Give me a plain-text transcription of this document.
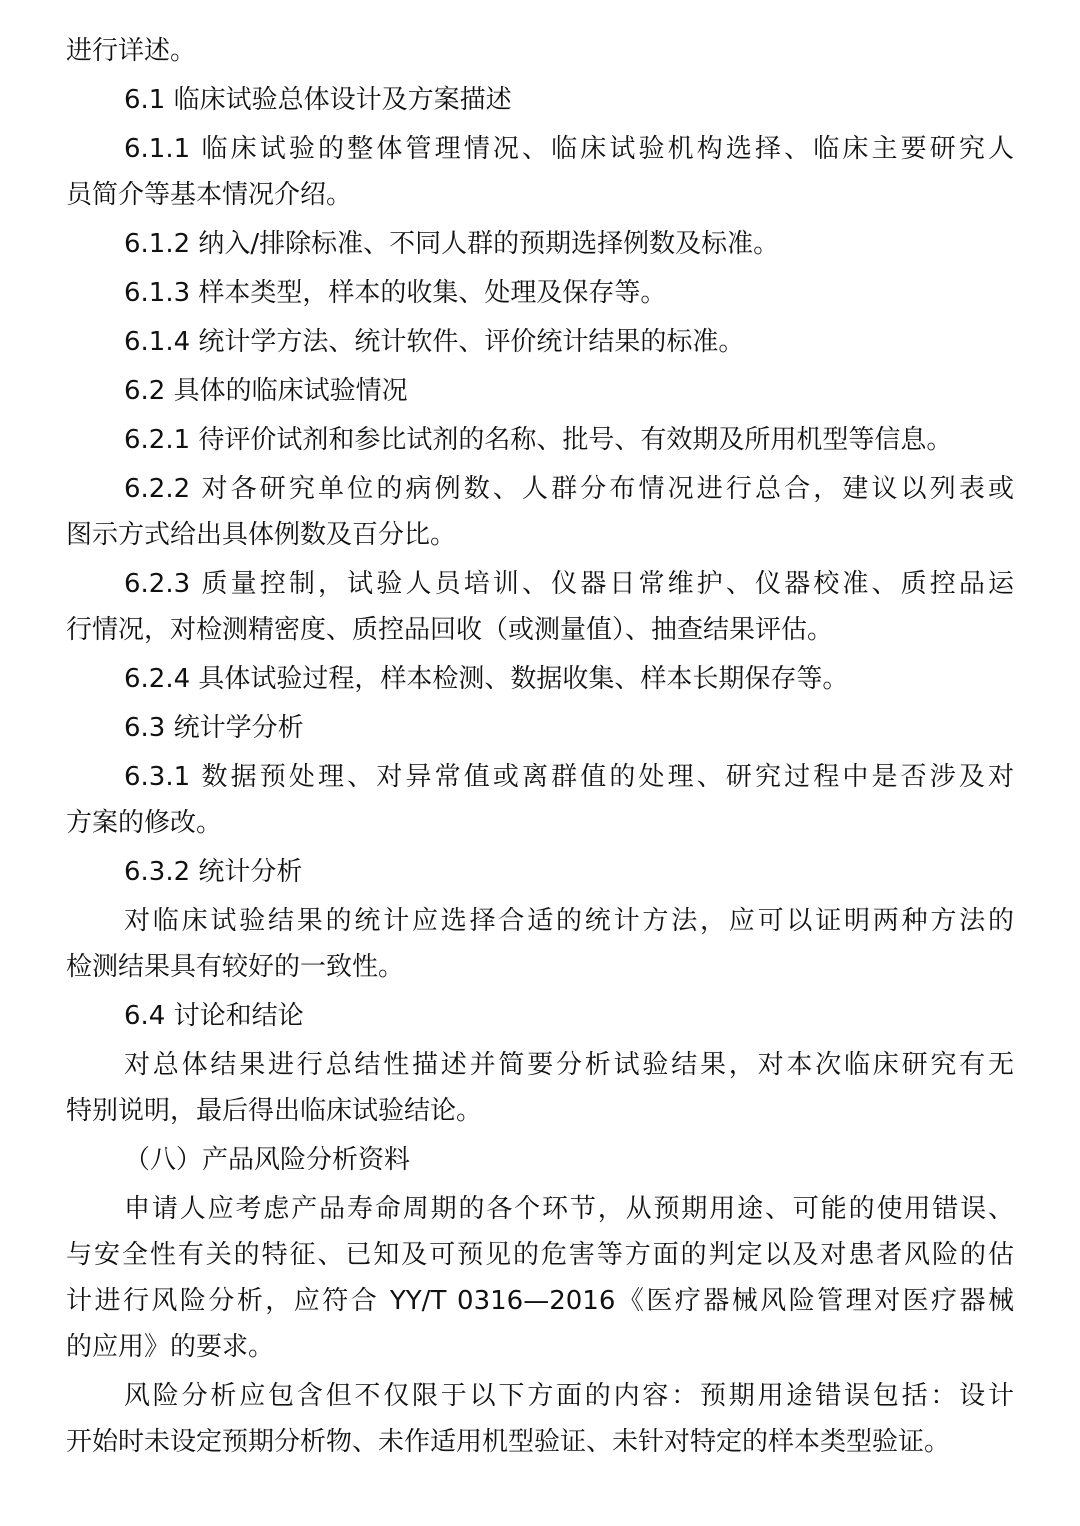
进行详述。
6.1 临床试验总体设计及方案描述
6.1.1 临床试验的整体管理情况、临床试验机构选择、临床主要研究人
员简介等基本情况介绍。
6.1.2 纳入/排除标准、不同人群的预期选择例数及标准。
6.1.3 样本类型，样本的收集、处理及保存等。
6.1.4 统计学方法、统计软件、评价统计结果的标准。
6.2 具体的临床试验情况
6.2.1 待评价试剂和参比试剂的名称、批号、有效期及所用机型等信息。
6.2.2 对各研究单位的病例数、人群分布情况进行总合，建议以列表或
图示方式给出具体例数及百分比。
6.2.3 质量控制，试验人员培训、仪器日常维护、仪器校准、质控品运
行情况，对检测精密度、质控品回收（或测量值）、抽查结果评估。
6.2.4 具体试验过程，样本检测、数据收集、样本长期保存等。
6.3 统计学分析
6.3.1 数据预处理、对异常值或离群值的处理、研究过程中是否涉及对
方案的修改。
6.3.2 统计分析
对临床试验结果的统计应选择合适的统计方法，应可以证明两种方法的
检测结果具有较好的一致性。
6.4 讨论和结论
对总体结果进行总结性描述并简要分析试验结果，对本次临床研究有无
特别说明，最后得出临床试验结论。
（八）产品风险分析资料
申请人应考虑产品寿命周期的各个环节，从预期用途、可能的使用错误、
与安全性有关的特征、已知及可预见的危害等方面的判定以及对患者风险的估
计进行风险分析，应符合 YY/T 0316—2016《医疗器械风险管理对医疗器械
的应用》的要求。
风险分析应包含但不仅限于以下方面的内容：预期用途错误包括：设计
开始时未设定预期分析物、未作适用机型验证、未针对特定的样本类型验证。
